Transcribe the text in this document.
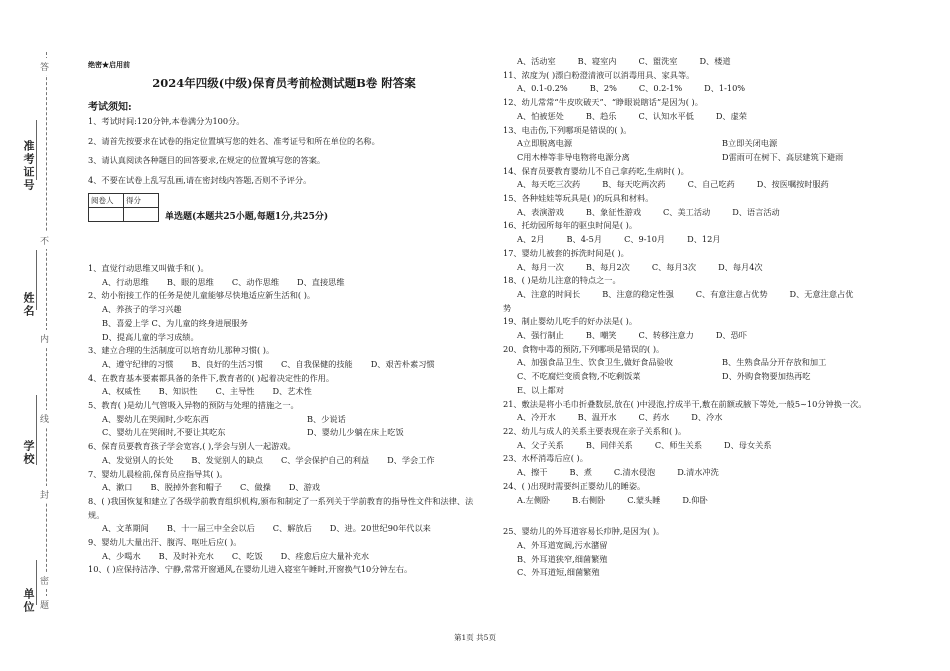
准考证号
姓名
学校
单位
答
不
内
线
封
密
题
绝密★启用前
2024年四级(中级)保育员考前检测试题B卷 附答案
考试须知:
1、考试时间:120分钟,本卷满分为100分。
2、请首先按要求在试卷的指定位置填写您的姓名、准考证号和所在单位的名称。
3、请认真阅读各种题目的回答要求,在规定的位置填写您的答案。
4、不要在试卷上乱写乱画,请在密封线内答题,否则不予评分。
阅卷人	得分

单选题(本题共25小题,每题1分,共25分)
1、直觉行动思维又叫做手和( )。
A、行动思维 B、眼的思维 C、动作思维 D、直接思维
2、幼小衔接工作的任务是使儿童能够尽快地适应新生活和( )。
A、养孩子的学习兴趣
B、喜爱上学 C、为儿童的终身进展服务
D、提高儿童的学习成绩。
3、建立合理的生活制度可以培育幼儿那种习惯( )。
A、遵守纪律的习惯 B、良好的生活习惯 C、自我保健的技能 D、艰苦朴素习惯
4、在教育基本要素都具备的条件下,教育者的( )起着决定性的作用。
A、权威性 B、知识性 C、主导性 D、艺术性
5、教育( )是幼儿气管吸入异物的预防与处理的措施之一。
A、婴幼儿在哭闹时,少吃东西	B、少说话
C、婴幼儿在哭闹时,不要让其吃东	D、婴幼儿少躺在床上吃饭
6、保育员要教育孩子学会宽容,( ),学会与别人一起游戏。
A、发觉别人的长处 B、发觉别人的缺点 C、学会保护自己的利益 D、学会工作
7、婴幼儿晨检前,保育员应指导其( )。
A、漱口 B、脱掉外套和帽子 C、做操 D、游戏
8、( )我国恢复和建立了各级学前教育组织机构,颁布和制定了一系列关于学前教育的指导性文件和法律、法规。
A、文革期间 B、十一届三中全会以后 C、解放后 D、进。20世纪90年代以来
9、婴幼儿大量出汗、腹泻、呕吐后应( )。
A、少喝水 B、及时补充水 C、吃饭 D、痊愈后应大量补充水
10、( )应保持洁净、宁静,常常开窗通风,在婴幼儿进入寝室午睡时,开窗换气10分钟左右。
A、活动室	B、寝室内	C、盥洗室	D、楼道
11、浓度为( )漂白粉澄清液可以消毒用具、家具等。
A、0.1-0.2%	B、2%	C、0.2-1%	D、1-10%
12、幼儿常常“牛皮吹破天”、“睁眼说瞎话”是因为( )。
A、怕被惩处	B、趋乐	C、认知水平低	D、虚荣
13、电击伤,下列哪项是错误的( )。
A立即脱离电源	B立即关闭电源
C用木棒等非导电物将电源分离	D雷雨可在树下、高层建筑下避雨
14、保育员要教育婴幼儿不自己拿药吃,生病时( )。
A、每天吃三次药	B、每天吃两次药	C、自己吃药	D、按医嘱按时服药
15、各种娃娃等玩具是( )的玩具和材料。
A、表演游戏	B、象征性游戏	C、美工活动	D、语言活动
16、托幼园所每年的驱虫时间是( )。
A、2月	B、4-5月	C、9-10月	D、12月
17、婴幼儿被套的拆洗时间是( )。
A、每月一次	B、每月2次	C、每月3次	D、每月4次
18、( )是幼儿注意的特点之一。
A、注意的时间长	B、注意的稳定性强	C、有意注意占优势	D、无意注意占优
势
19、制止婴幼儿吃手的好办法是( )。
A、强行制止	B、嘲笑	C、转移注意力	D、恐吓
20、食物中毒的预防,下列哪项是错误的( )。
A、加强食品卫生、饮食卫生,做好食品验收	B、生熟食品分开存放和加工
C、不吃腐烂变质食物,不吃剩饭菜	D、外购食物要加热再吃
E、以上都对
21、敷法是将小毛巾折叠数层,放在( )中浸泡,拧成半干,敷在前额或腋下等处,一般5~10分钟换一次。
A、冷开水	B、温开水	C、药水	D、冷水
22、幼儿与成人的关系主要表现在亲子关系和( )。
A、父子关系	B、同伴关系	C、师生关系	D、母女关系
23、水杯消毒后应( )。
A、擦干	B、煮	C.清水侵泡	D.清水冲洗
24、( )出现时需要纠正婴幼儿的睡姿。
A.左侧卧	B.右侧卧	C.蒙头睡	D.仰卧
25、婴幼儿的外耳道容易长疖肿,是因为( )。
A、外耳道宽阔,污水潴留
B、外耳道狭窄,细菌繁殖
C、外耳道短,细菌繁殖
第1页 共5页
